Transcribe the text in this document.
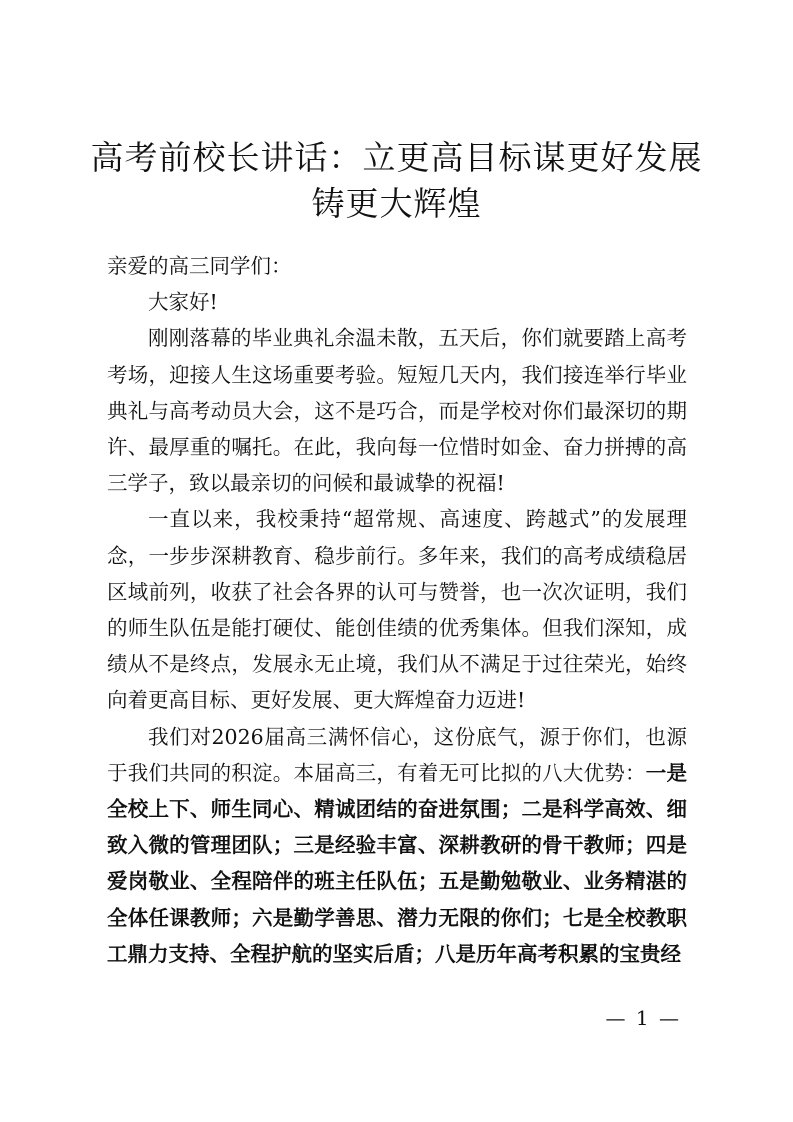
高考前校长讲话：立更高目标谋更好发展
铸更大辉煌

亲爱的高三同学们：

大家好!

刚刚落幕的毕业典礼余温未散，五天后，你们就要踏上高考考场，迎接人生这场重要考验。短短几天内，我们接连举行毕业典礼与高考动员大会，这不是巧合，而是学校对你们最深切的期许、最厚重的嘱托。在此，我向每一位惜时如金、奋力拼搏的高三学子，致以最亲切的问候和最诚挚的祝福!

一直以来，我校秉持“超常规、高速度、跨越式”的发展理念，一步步深耕教育、稳步前行。多年来，我们的高考成绩稳居区域前列，收获了社会各界的认可与赞誉，也一次次证明，我们的师生队伍是能打硬仗、能创佳绩的优秀集体。但我们深知，成绩从不是终点，发展永无止境，我们从不满足于过往荣光，始终向着更高目标、更好发展、更大辉煌奋力迈进!

我们对2026届高三满怀信心，这份底气，源于你们，也源于我们共同的积淀。本届高三，有着无可比拟的八大优势：一是全校上下、师生同心、精诚团结的奋进氛围；二是科学高效、细致入微的管理团队；三是经验丰富、深耕教研的骨干教师；四是爱岗敬业、全程陪伴的班主任队伍；五是勤勉敬业、业务精湛的全体任课教师；六是勤学善思、潜力无限的你们；七是全校教职工鼎力支持、全程护航的坚实后盾；八是历年高考积累的宝贵经

— 1 —
